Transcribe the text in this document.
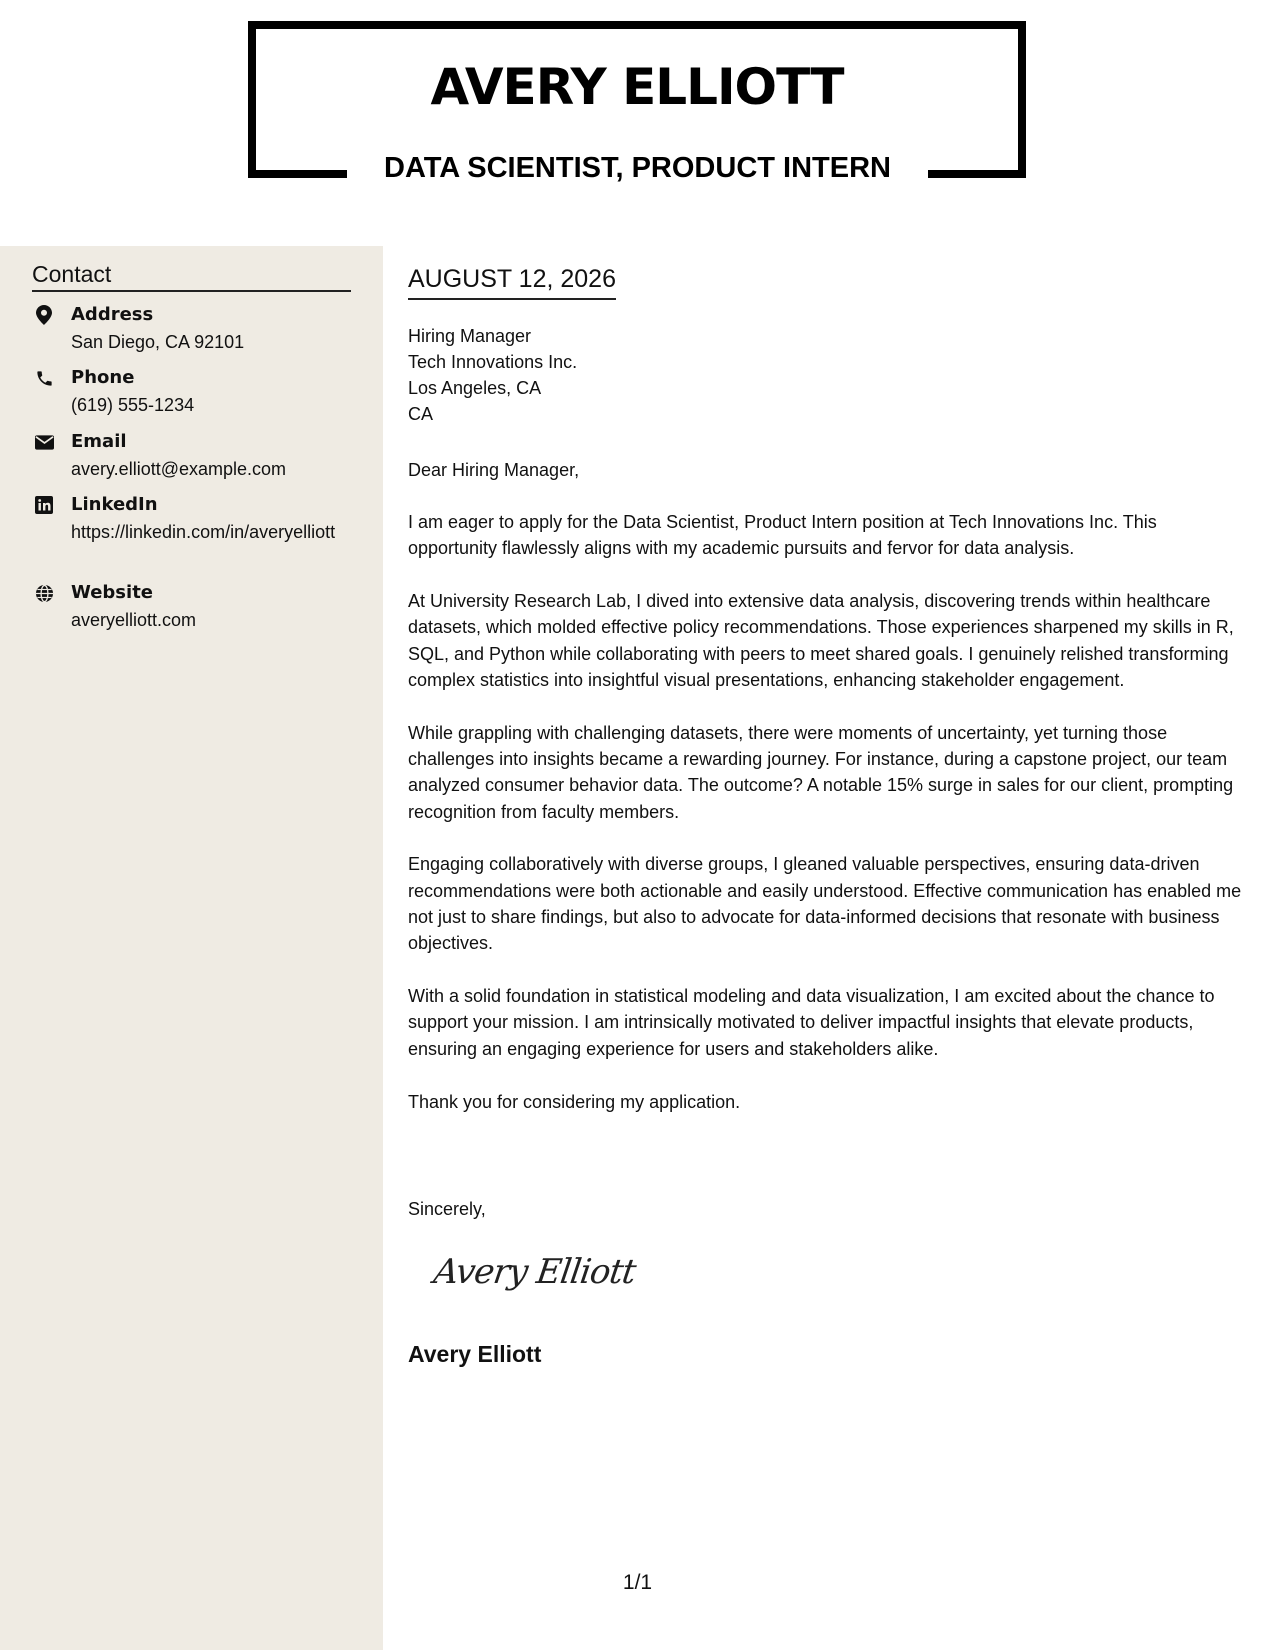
AVERY ELLIOTT
DATA SCIENTIST, PRODUCT INTERN
Contact
Address
San Diego, CA 92101
Phone
(619) 555-1234
Email
avery.elliott@example.com
LinkedIn
https://linkedin.com/in/averyelliott
Website
averyelliott.com
AUGUST 12, 2026
Hiring Manager
Tech Innovations Inc.
Los Angeles, CA
CA
Dear Hiring Manager,

I am eager to apply for the Data Scientist, Product Intern position at Tech Innovations Inc. This opportunity flawlessly aligns with my academic pursuits and fervor for data analysis.

At University Research Lab, I dived into extensive data analysis, discovering trends within healthcare datasets, which molded effective policy recommendations. Those experiences sharpened my skills in R, SQL, and Python while collaborating with peers to meet shared goals. I genuinely relished transforming complex statistics into insightful visual presentations, enhancing stakeholder engagement.

While grappling with challenging datasets, there were moments of uncertainty, yet turning those challenges into insights became a rewarding journey. For instance, during a capstone project, our team analyzed consumer behavior data. The outcome? A notable 15% surge in sales for our client, prompting recognition from faculty members.

Engaging collaboratively with diverse groups, I gleaned valuable perspectives, ensuring data-driven recommendations were both actionable and easily understood. Effective communication has enabled me not just to share findings, but also to advocate for data-informed decisions that resonate with business objectives.

With a solid foundation in statistical modeling and data visualization, I am excited about the chance to support your mission. I am intrinsically motivated to deliver impactful insights that elevate products, ensuring an engaging experience for users and stakeholders alike.

Thank you for considering my application.

Sincerely,
Avery Elliott
Avery Elliott
1/1
